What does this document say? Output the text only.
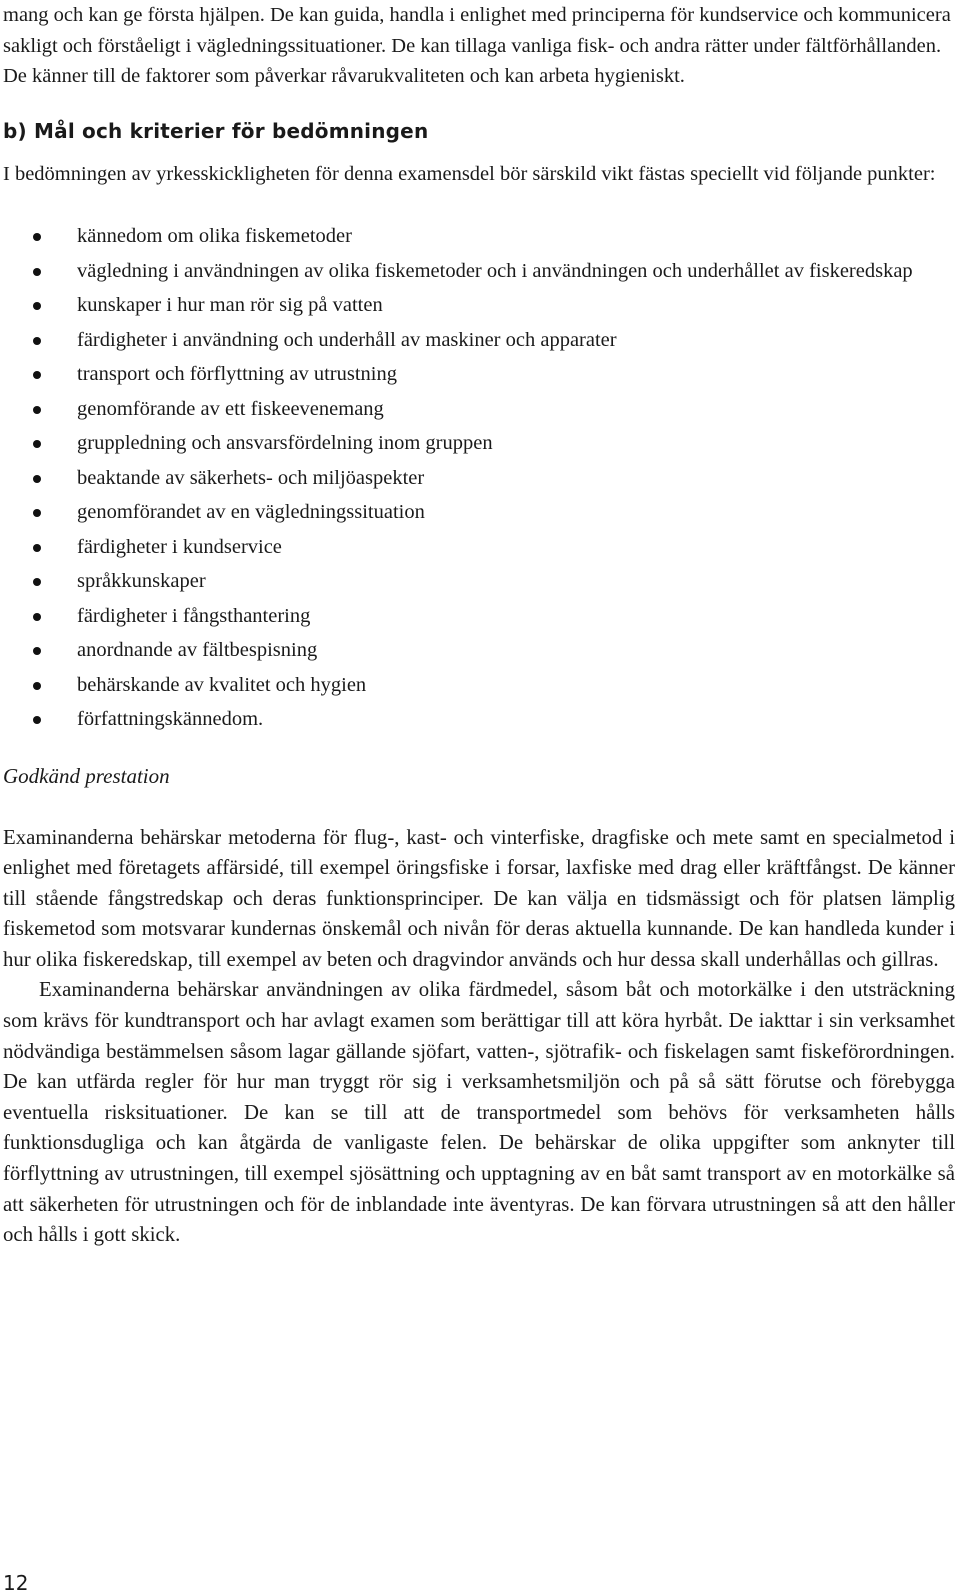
mang och kan ge första hjälpen. De kan guida, handla i enlighet med principerna för kundservice och kommunicera sakligt och förståeligt i vägledningssituationer. De kan tillaga vanliga fisk- och andra rätter under fältförhållanden. De känner till de faktorer som påverkar råvarukvaliteten och kan arbeta hygieniskt.

b) Mål och kriterier för bedömningen

I bedömningen av yrkesskickligheten för denna examensdel bör särskild vikt fästas speciellt vid följande punkter:

kännedom om olika fiskemetoder
vägledning i användningen av olika fiskemetoder och i användningen och underhållet av fiskeredskap
kunskaper i hur man rör sig på vatten
färdigheter i användning och underhåll av maskiner och apparater
transport och förflyttning av utrustning
genomförande av ett fiskeevenemang
gruppledning och ansvarsfördelning inom gruppen
beaktande av säkerhets- och miljöaspekter
genomförandet av en vägledningssituation
färdigheter i kundservice
språkkunskaper
färdigheter i fångsthantering
anordnande av fältbespisning
behärskande av kvalitet och hygien
författningskännedom.

Godkänd prestation

Examinanderna behärskar metoderna för flug-, kast- och vinterfiske, dragfiske och mete samt en specialmetod i enlighet med företagets affärsidé, till exempel öringsfiske i forsar, laxfiske med drag eller kräftfångst. De känner till stående fångstredskap och deras funktionsprinciper. De kan välja en tidsmässigt och för platsen lämplig fiskemetod som motsvarar kundernas önskemål och nivån för deras aktuella kunnande. De kan handleda kunder i hur olika fiskeredskap, till exempel av beten och dragvindor används och hur dessa skall underhållas och gillras.

Examinanderna behärskar användningen av olika färdmedel, såsom båt och motorkälke i den utsträckning som krävs för kundtransport och har avlagt examen som berättigar till att köra hyrbåt. De iakttar i sin verksamhet nödvändiga bestämmelsen såsom lagar gällande sjöfart, vatten-, sjötrafik- och fiskelagen samt fiskeförordningen. De kan utfärda regler för hur man tryggt rör sig i verksamhetsmiljön och på så sätt förutse och förebygga eventuella risksituationer. De kan se till att de transportmedel som behövs för verksamheten hålls funktionsdugliga och kan åtgärda de vanligaste felen. De behärskar de olika uppgifter som anknyter till förflyttning av utrustningen, till exempel sjösättning och upptagning av en båt samt transport av en motorkälke så att säkerheten för utrustningen och för de inblandade inte äventyras. De kan förvara utrustningen så att den håller och hålls i gott skick.

12
